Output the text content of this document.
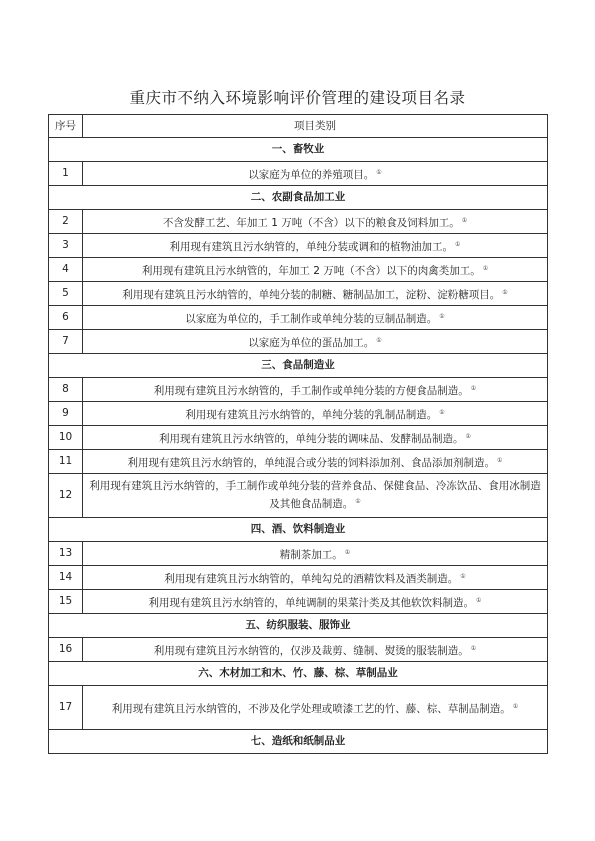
重庆市不纳入环境影响评价管理的建设项目名录
序号	项目类别
一、畜牧业	
1	以家庭为单位的养殖项目。 ①
二、农副食品加工业	
2	不含发酵工艺、年加工 1 万吨（不含）以下的粮食及饲料加工。 ①
3	利用现有建筑且污水纳管的，单纯分装或调和的植物油加工。 ①
4	利用现有建筑且污水纳管的，年加工 2 万吨（不含）以下的肉禽类加工。 ①
5	利用现有建筑且污水纳管的，单纯分装的制糖、糖制品加工，淀粉、淀粉糖项目。 ①
6	以家庭为单位的，手工制作或单纯分装的豆制品制造。 ①
7	以家庭为单位的蛋品加工。 ①
三、食品制造业	
8	利用现有建筑且污水纳管的，手工制作或单纯分装的方便食品制造。 ①
9	利用现有建筑且污水纳管的，单纯分装的乳制品制造。 ①
10	利用现有建筑且污水纳管的，单纯分装的调味品、发酵制品制造。 ①
11	利用现有建筑且污水纳管的，单纯混合或分装的饲料添加剂、食品添加剂制造。 ①
12	利用现有建筑且污水纳管的，手工制作或单纯分装的营养食品、保健食品、冷冻饮品、食用冰制造及其他食品制造。 ①
四、酒、饮料制造业	
13	精制茶加工。 ①
14	利用现有建筑且污水纳管的，单纯勾兑的酒精饮料及酒类制造。 ①
15	利用现有建筑且污水纳管的，单纯调制的果菜汁类及其他软饮料制造。 ①
五、纺织服装、服饰业	
16	利用现有建筑且污水纳管的，仅涉及裁剪、缝制、熨烫的服装制造。 ①
六、木材加工和木、竹、藤、棕、草制品业	
17	利用现有建筑且污水纳管的，不涉及化学处理或喷漆工艺的竹、藤、棕、草制品制造。 ①
七、造纸和纸制品业	
